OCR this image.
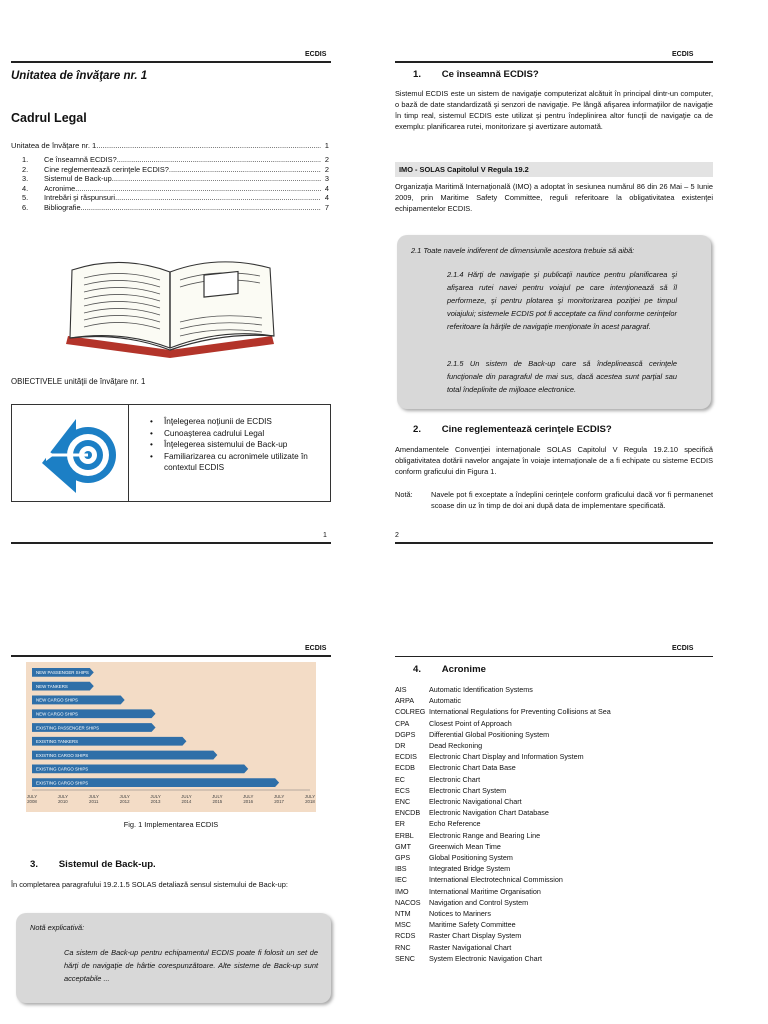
ECDIS
Unitatea de învăţare nr. 1
Cadrul Legal
Unitatea de învăţare nr. 1 .....	1
1.	Ce înseamnă ECDIS? .....	2
2.	Cine reglementează cerinţele ECDIS? .....	2
3.	Sistemul de Back-up .....	3
4.	Acronime .....	4
5.	Intrebări şi răspunsuri .....	4
6.	Bibliografie .....	7
OBIECTIVELE unităţii de învăţare nr. 1
• Înţelegerea noţiunii de ECDIS
• Cunoaşterea cadrului Legal
• Înţelegerea sistemului de Back-up
• Familiarizarea cu acronimele utilizate în contextul ECDIS
1
ECDIS
1. Ce înseamnă ECDIS?

Sistemul ECDIS este un sistem de navigaţie computerizat alcătuit în principal dintr-un computer, o bază de date standardizată şi senzori de navigaţie. Pe lângă afişarea informaţiilor de navigaţie în timp real, sistemul ECDIS este utilizat şi pentru îndeplinirea altor funcţii de navigaţie ca de exemplu: planificarea rutei, monitorizare şi avertizare automată.

IMO - SOLAS Capitolul V Regula 19.2

Organizaţia Maritimă Internaţională (IMO) a adoptat în sesiunea numărul 86 din 26 Mai – 5 Iunie 2009, prin Maritime Safety Committee, reguli referitoare la obligativitatea existenţei echipamentelor ECDIS.

2.1 Toate navele indiferent de dimensiunile acestora trebuie să aibă:

2.1.4 Hărţi de navigaţie şi publicaţii nautice pentru planificarea şi afişarea rutei navei pentru voiajul pe care intenţionează să îl performeze, şi pentru plotarea şi monitorizarea poziţiei pe timpul voiajului; sistemele ECDIS pot fi acceptate ca fiind conforme cerinţelor referitoare la hărţile de navigaţie menţionate în acest paragraf.

2.1.5 Un sistem de Back-up care să îndeplinească cerinţele funcţionale din paragraful de mai sus, dacă acestea sunt parţial sau total îndeplinite de mijloace electronice.

2. Cine reglementează cerinţele ECDIS?

Amendamentele Convenţiei internaţionale SOLAS Capitolul V Regula 19.2.10 specifică obligativitatea dotării navelor angajate în voiaje internaţionale de a fi echipate cu sisteme ECDIS conform graficului din Figura 1.

Notă: Navele pot fi exceptate a îndeplini cerinţele conform graficului dacă vor fi permanenet scoase din uz în timp de doi ani după data de implementare specificată.

2
ECDIS
NEW PASSENGER SHIPS
NEW TANKERS
NEW CARGO SHIPS
NEW CARGO SHIPS
EXISTING PASSENGER SHIPS
EXISTING TANKERS
EXISTING CARGO SHIPS
EXISTING CARGO SHIPS
EXISTING CARGO SHIPS
JULY 2008
JULY 2010
JULY 2011
JULY 2012
JULY 2013
JULY 2014
JULY 2015
JULY 2016
JULY 2017
JULY 2018
Fig. 1 Implementarea ECDIS
3. Sistemul de Back-up.

În completarea paragrafului 19.2.1.5 SOLAS detaliază sensul sistemului de Back-up:

Notă explicativă:

Ca sistem de Back-up pentru echipamentul ECDIS poate fi folosit un set de hărţi de navigaţie de hârtie corespunzătoare. Alte sisteme de Back-up sunt acceptabile ...

ECDIS
4. Acronime
AIS	Automatic Identification Systems
ARPA	Automatic
COLREG International Regulations for Preventing Collisions at Sea
CPA	Closest Point of Approach
DGPS	Differential Global Positioning System
DR	Dead Reckoning
ECDIS	Electronic Chart Display and Information System
ECDB	Electronic Chart Data Base
EC	Electronic Chart
ECS	Electronic Chart System
ENC	Electronic Navigational Chart
ENCDB	Electronic Navigation Chart Database
ER	Echo Reference
ERBL	Electronic Range and Bearing Line
GMT	Greenwich Mean Time
GPS	Global Positioning System
IBS	Integrated Bridge System
IEC	International Electrotechnical Commission
IMO	International Maritime Organisation
NACOS	Navigation and Control System
NTM	Notices to Mariners
MSC	Maritime Safety Committee
RCDS	Raster Chart Display System
RNC	Raster Navigational Chart
SENC	System Electronic Navigation Chart
